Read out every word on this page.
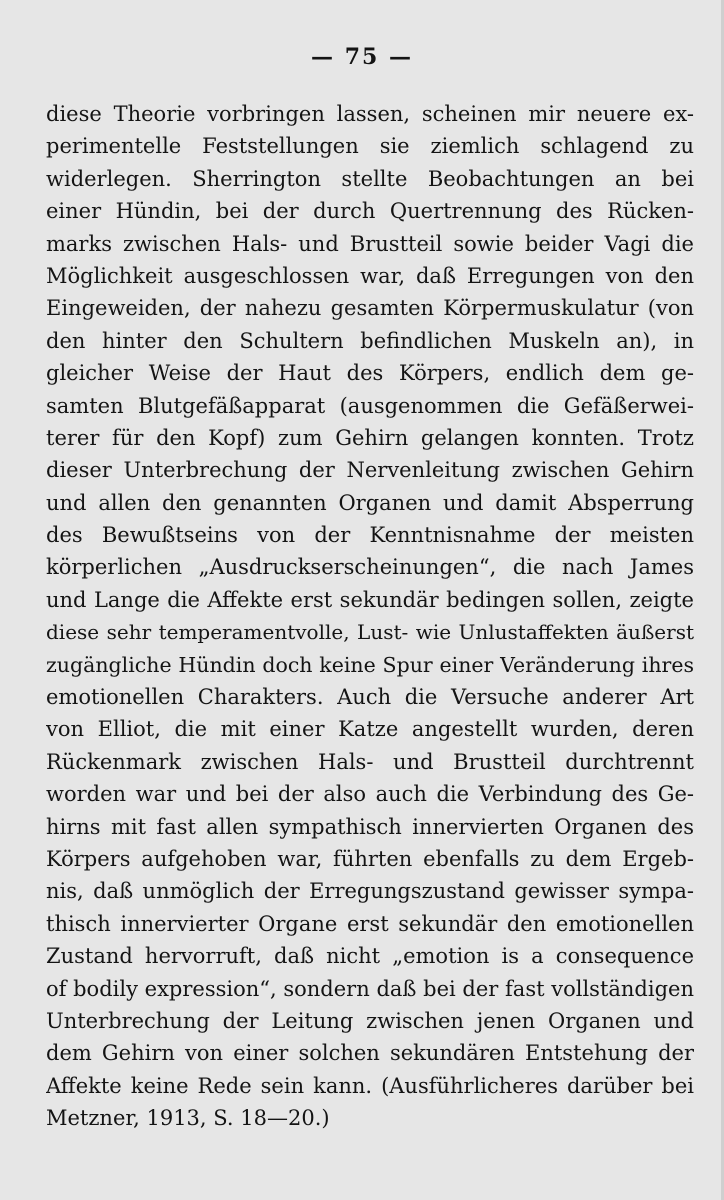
— 75 —
diese Theorie vorbringen lassen, scheinen mir neuere ex-
perimentelle Feststellungen sie ziemlich schlagend zu
widerlegen. Sherrington stellte Beobachtungen an bei
einer Hündin, bei der durch Quertrennung des Rücken-
marks zwischen Hals- und Brustteil sowie beider Vagi die
Möglichkeit ausgeschlossen war, daß Erregungen von den
Eingeweiden, der nahezu gesamten Körpermuskulatur (von
den hinter den Schultern befindlichen Muskeln an), in
gleicher Weise der Haut des Körpers, endlich dem ge-
samten Blutgefäßapparat (ausgenommen die Gefäßerwei-
terer für den Kopf) zum Gehirn gelangen konnten. Trotz
dieser Unterbrechung der Nervenleitung zwischen Gehirn
und allen den genannten Organen und damit Absperrung
des Bewußtseins von der Kenntnisnahme der meisten
körperlichen „Ausdruckserscheinungen“, die nach James
und Lange die Affekte erst sekundär bedingen sollen, zeigte
diese sehr temperamentvolle, Lust- wie Unlustaffekten äußerst
zugängliche Hündin doch keine Spur einer Veränderung ihres
emotionellen Charakters. Auch die Versuche anderer Art
von Elliot, die mit einer Katze angestellt wurden, deren
Rückenmark zwischen Hals- und Brustteil durchtrennt
worden war und bei der also auch die Verbindung des Ge-
hirns mit fast allen sympathisch innervierten Organen des
Körpers aufgehoben war, führten ebenfalls zu dem Ergeb-
nis, daß unmöglich der Erregungszustand gewisser sympa-
thisch innervierter Organe erst sekundär den emotionellen
Zustand hervorruft, daß nicht „emotion is a consequence
of bodily expression“, sondern daß bei der fast vollständigen
Unterbrechung der Leitung zwischen jenen Organen und
dem Gehirn von einer solchen sekundären Entstehung der
Affekte keine Rede sein kann. (Ausführlicheres darüber bei
Metzner, 1913, S. 18—20.)
